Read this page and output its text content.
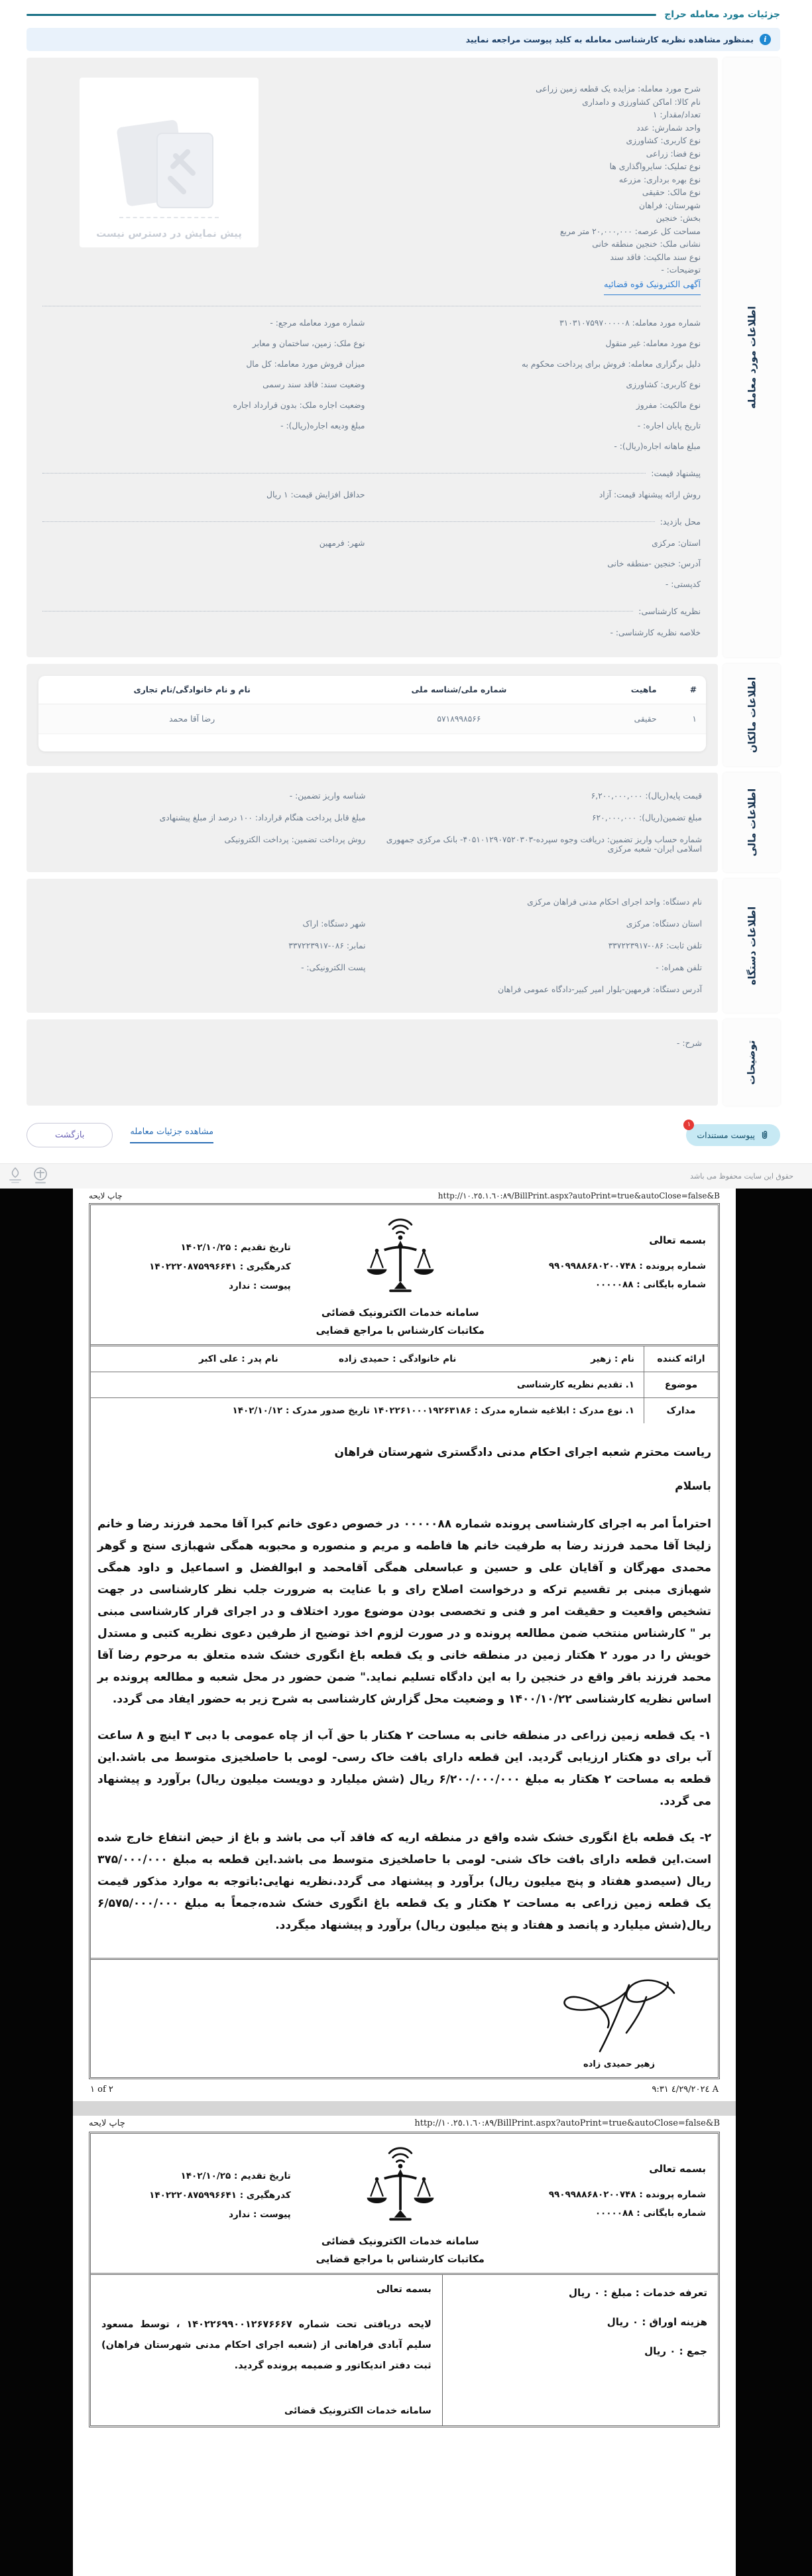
جزئیات مورد معامله حراج
i
بمنظور مشاهده نظریه کارشناسی معامله به کلید پیوست مراجعه نمایید
اطلاعات مورد معامله
شرح مورد معامله: مزایده یک قطعه زمین زراعی
نام کالا: اماکن کشاورزی و دامداری
تعداد/مقدار: ۱
واحد شمارش: عدد
نوع کاربری: کشاورزی
نوع فضا: زراعی
نوع تملیک: سایرواگذاری ها
نوع بهره برداری: مزرعه
نوع مالک: حقیقی
شهرستان: فراهان
بخش: خنجین
مساحت کل عرصه: ۲۰,۰۰۰,۰۰۰ متر مربع
نشانی ملک: خنجین منطقه خانی
نوع سند مالکیت: فاقد سند
توضیحات: -
پیش نمایش در دسترس نیست
آگهی الکترونیک قوه قضائیه
شماره مورد معامله: ۳۱۰۳۱۰۷۵۹۷۰۰۰۰۰۸
شماره مورد معامله مرجع: -
نوع مورد معامله: غیر منقول
نوع ملک: زمین، ساختمان و معابر
دلیل برگزاری معامله: فروش برای پرداخت محکوم به
میزان فروش مورد معامله: کل مال
نوع کاربری: کشاورزی
وضعیت سند: فاقد سند رسمی
نوع مالکیت: مفروز
وضعیت اجاره ملک: بدون قرارداد اجاره
تاریخ پایان اجاره: -
مبلغ ودیعه اجاره(ریال): -
مبلغ ماهانه اجاره(ریال): -
پیشنهاد قیمت:
روش ارائه پیشنهاد قیمت: آزاد
حداقل افزایش قیمت: ۱ ریال
محل بازدید:
استان: مرکزی
شهر: فرمهین
آدرس: خنجین -منطقه خانی
کدپستی: -
نظریه کارشناسی:
خلاصه نظریه کارشناسی: -
اطلاعات مالکان
#	ماهیت	شماره ملی/شناسه ملی	نام و نام خانوادگی/نام تجاری
۱	حقیقی	۵۷۱۸۹۹۸۵۶۶	رضا آقا محمد
اطلاعات مالی
قیمت پایه(ریال): ۶,۲۰۰,۰۰۰,۰۰۰
شناسه واریز تضمین: -
مبلغ تضمین(ریال): ۶۲۰,۰۰۰,۰۰۰
مبلغ قابل پرداخت هنگام قرارداد: ۱۰۰ درصد از مبلغ پیشنهادی
شماره حساب واریز تضمین: دریافت وجوه سپرده-۴۰۵۱۰۱۲۹۰۷۵۲۰۳۰۳- بانک مرکزی جمهوری اسلامی ایران- شعبه مرکزی
روش پرداخت تضمین: پرداخت الکترونیکی
اطلاعات دستگاه
نام دستگاه: واحد اجرای احکام مدنی فراهان مرکزی
استان دستگاه: مرکزی
شهر دستگاه: اراک
تلفن ثابت: ۰۸۶-۳۳۷۲۲۳۹۱۷
نمابر: ۰۸۶-۳۳۷۲۲۳۹۱۷
تلفن همراه: -
پست الکترونیکی: -
آدرس دستگاه: فرمهین-بلوار امیر کبیر-دادگاه عمومی فراهان
توضیحات
شرح: -
۱
پیوست مستندات
مشاهده جزئیات معامله
بازگشت
حقوق این سایت محفوظ می باشد
چاپ لایحه	http://١٠.٢٥.١.٦٠:٨٩/BillPrint.aspx?autoPrint=true&autoClose=false&B
بسمه تعالی
شماره پرونده : ۹۹۰۹۹۸۸۶۸۰۲۰۰۷۴۸
شماره بایگانی : ۰۰۰۰۰۸۸
سامانه خدمات الکترونیک قضائی
مکاتبات کارشناس با مراجع قضایی
تاریخ تقدیم : ۱۴۰۲/۱۰/۲۵
کدرهگیری : ۱۴۰۲۲۲۰۸۷۵۹۹۶۶۴۱
پیوست : ندارد
ارائه کننده
نام : زهیر
نام خانوادگی : حمیدی زاده
نام پدر : علی اکبر
موضوع
۱. تقدیم نظریه کارشناسی
مدارک
۱. نوع مدرک : ابلاغیه شماره مدرک : ۱۴۰۲۲۶۱۰۰۰۱۹۲۶۳۱۸۶ تاریخ صدور مدرک : ۱۴۰۲/۱۰/۱۲

ریاست محترم شعبه اجرای احکام مدنی دادگستری شهرستان فراهان

باسلام

احتراماً امر به اجرای کارشناسی پرونده شماره ۰۰۰۰۰۸۸ در خصوص دعوی خانم کبرا آقا محمد فرزند رضا و خانم زلیخا آقا محمد فرزند رضا به طرفیت خانم ها فاطمه و مریم و منصوره و محبوبه همگی شهبازی سنج و گوهر محمدی مهرگان و آقایان علی و حسین و عباسعلی همگی آقامحمد و ابوالفضل و اسماعیل و داود همگی شهبازی مبنی بر تقسیم ترکه و درخواست اصلاح رای و با عنایت به ضرورت جلب نظر کارشناسی در جهت تشخیص واقعیت و حقیقت امر و فنی و تخصصی بودن موضوع مورد اختلاف و در اجرای قرار کارشناسی مبنی بر " کارشناس منتخب ضمن مطالعه پرونده و در صورت لزوم اخذ توضیح از طرفین دعوی نظریه کتبی و مستدل خویش را در مورد ۲ هکتار زمین در منطقه خانی و یک قطعه باغ انگوری خشک شده متعلق به مرحوم رضا آقا محمد فرزند باقر واقع در خنجین را به این دادگاه تسلیم نماید." ضمن حضور در محل شعبه و مطالعه پرونده بر اساس نظریه کارشناسی ۱۴۰۰/۱۰/۲۲ و وضعیت محل گزارش کارشناسی به شرح زیر به حضور ایفاد می گردد.

۱- یک قطعه زمین زراعی در منطقه خانی به مساحت ۲ هکتار با حق آب از چاه عمومی با دبی ۳ اینچ و ۸ ساعت آب برای دو هکتار ارزیابی گردید. این قطعه دارای بافت خاک رسی- لومی با حاصلخیزی متوسط می باشد.این قطعه به مساحت ۲ هکتار به مبلغ ۶/۲۰۰/۰۰۰/۰۰۰ ریال (شش میلیارد و دویست میلیون ریال) برآورد و پیشنهاد می گردد.

۲- یک قطعه باغ انگوری خشک شده واقع در منطقه اریه که فاقد آب می باشد و باغ از حیض انتفاع خارج شده است.این قطعه دارای بافت خاک شنی- لومی با حاصلخیزی متوسط می باشد.این قطعه به مبلغ ۳۷۵/۰۰۰/۰۰۰ ریال (سیصدو هفتاد و پنج میلیون ریال) برآورد و پیشنهاد می گردد.نظریه نهایی:باتوجه به موارد مذکور قیمت یک قطعه زمین زراعی به مساحت ۲ هکتار و یک قطعه باغ انگوری خشک شده،جمعاً به مبلغ ۶/۵۷۵/۰۰۰/۰۰۰ ریال(شش میلیارد و پانصد و هفتاد و پنج میلیون ریال) برآورد و پیشنهاد میگردد.

زهیر حمیدی زاده
۱ of ۲	٤/٢٩/٢٠٢٤ ٩:٣١ A
چاپ لایحه	http://١٠.٢٥.١.٦٠:٨٩/BillPrint.aspx?autoPrint=true&autoClose=false&B
بسمه تعالی
شماره پرونده : ۹۹۰۹۹۸۸۶۸۰۲۰۰۷۴۸
شماره بایگانی : ۰۰۰۰۰۸۸
سامانه خدمات الکترونیک قضائی
مکاتبات کارشناس با مراجع قضایی
تاریخ تقدیم : ۱۴۰۲/۱۰/۲۵
کدرهگیری : ۱۴۰۲۲۲۰۸۷۵۹۹۶۶۴۱
پیوست : ندارد
تعرفه خدمات : مبلغ : ۰ ریال
هزینه اوراق : ۰ ریال
جمع : ۰ ریال
بسمه تعالی
لایحه دریافتی تحت شماره ۱۴۰۲۲۶۹۹۰۰۱۲۶۷۶۶۶۷ ، توسط مسعود سلیم آبادی فراهانی از (شعبه اجرای احکام مدنی شهرستان فراهان) ثبت دفتر اندیکاتور و ضمیمه پرونده گردید.
سامانه خدمات الکترونیک قضائی
